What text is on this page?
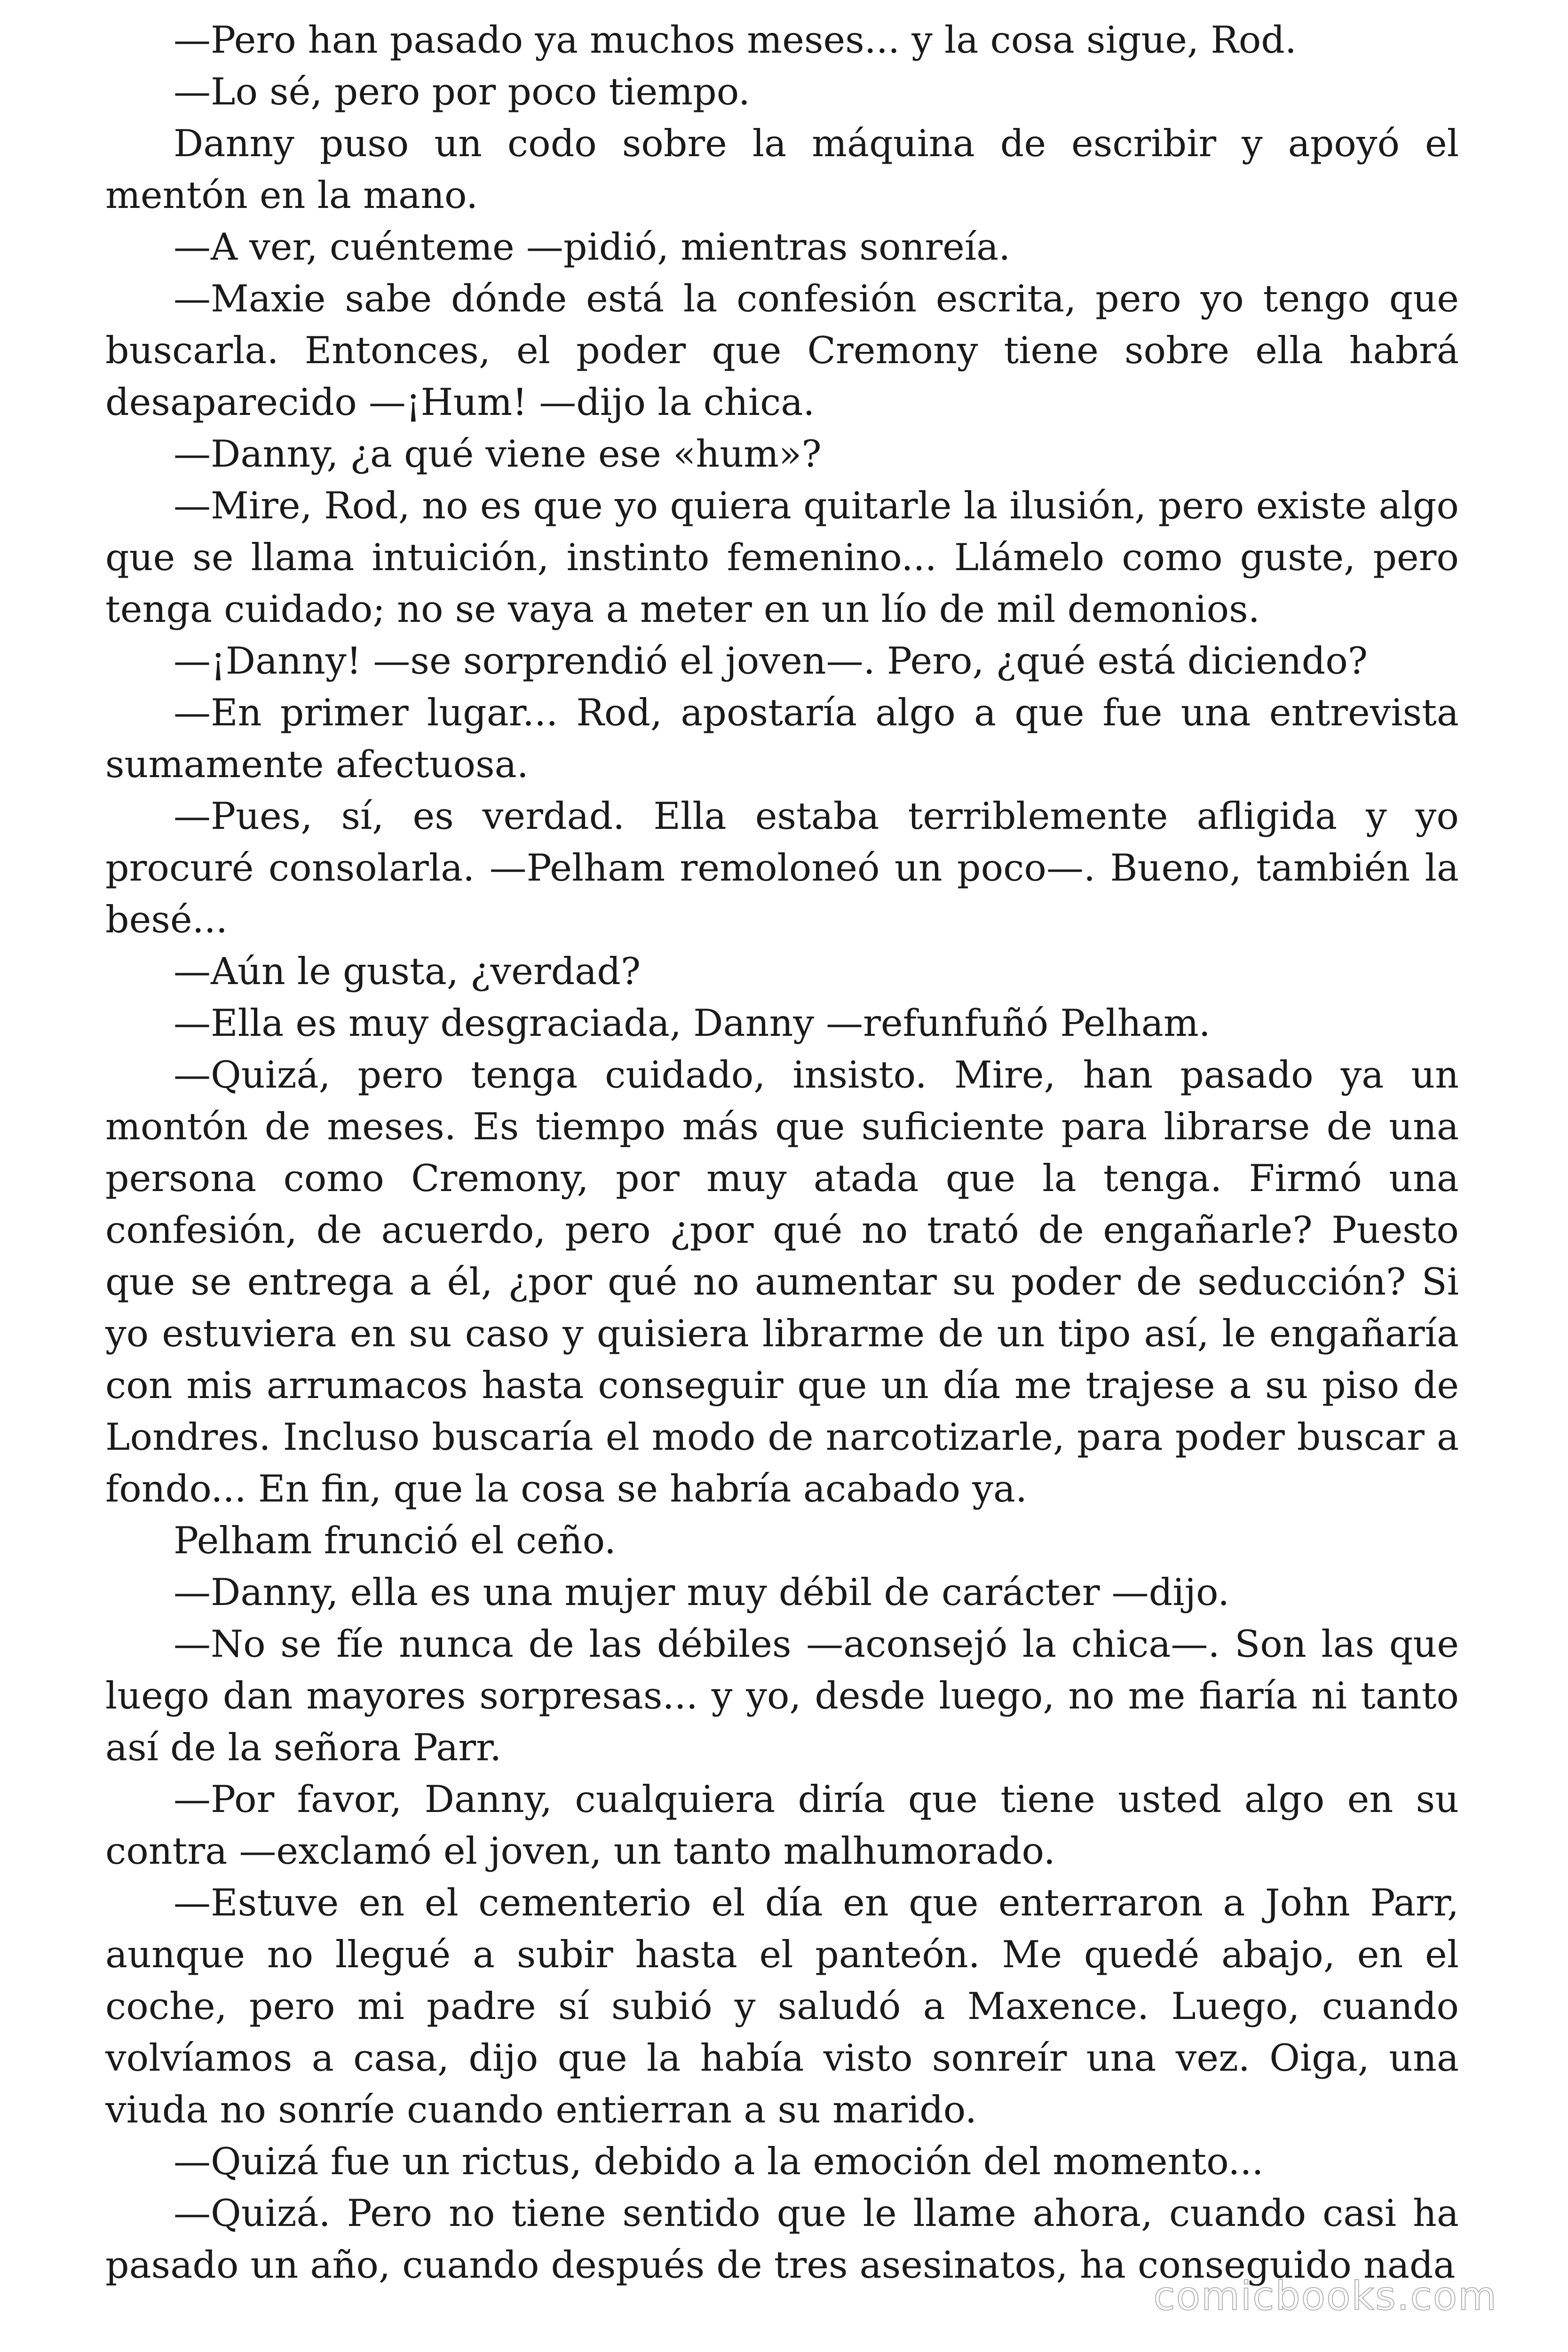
—Pero han pasado ya muchos meses... y la cosa sigue, Rod.

—Lo sé, pero por poco tiempo.

Danny puso un codo sobre la máquina de escribir y apoyó el mentón en la mano.

—A ver, cuénteme —pidió, mientras sonreía.

—Maxie sabe dónde está la confesión escrita, pero yo tengo que buscarla. Entonces, el poder que Cremony tiene sobre ella habrá desaparecido —¡Hum! —dijo la chica.

—Danny, ¿a qué viene ese «hum»?

—Mire, Rod, no es que yo quiera quitarle la ilusión, pero existe algo que se llama intuición, instinto femenino... Llámelo como guste, pero tenga cuidado; no se vaya a meter en un lío de mil demonios.

—¡Danny! —se sorprendió el joven—. Pero, ¿qué está diciendo?

—En primer lugar... Rod, apostaría algo a que fue una entrevista sumamente afectuosa.

—Pues, sí, es verdad. Ella estaba terriblemente afligida y yo procuré consolarla. —Pelham remoloneó un poco—. Bueno, también la besé...

—Aún le gusta, ¿verdad?

—Ella es muy desgraciada, Danny —refunfuñó Pelham.

—Quizá, pero tenga cuidado, insisto. Mire, han pasado ya un montón de meses. Es tiempo más que suficiente para librarse de una persona como Cremony, por muy atada que la tenga. Firmó una confesión, de acuerdo, pero ¿por qué no trató de engañarle? Puesto que se entrega a él, ¿por qué no aumentar su poder de seducción? Si yo estuviera en su caso y quisiera librarme de un tipo así, le engañaría con mis arrumacos hasta conseguir que un día me trajese a su piso de Londres. Incluso buscaría el modo de narcotizarle, para poder buscar a fondo... En fin, que la cosa se habría acabado ya.

Pelham frunció el ceño.

—Danny, ella es una mujer muy débil de carácter —dijo.

—No se fíe nunca de las débiles —aconsejó la chica—. Son las que luego dan mayores sorpresas... y yo, desde luego, no me fiaría ni tanto así de la señora Parr.

—Por favor, Danny, cualquiera diría que tiene usted algo en su contra —exclamó el joven, un tanto malhumorado.

—Estuve en el cementerio el día en que enterraron a John Parr, aunque no llegué a subir hasta el panteón. Me quedé abajo, en el coche, pero mi padre sí subió y saludó a Maxence. Luego, cuando volvíamos a casa, dijo que la había visto sonreír una vez. Oiga, una viuda no sonríe cuando entierran a su marido.

—Quizá fue un rictus, debido a la emoción del momento...

—Quizá. Pero no tiene sentido que le llame ahora, cuando casi ha pasado un año, cuando después de tres asesinatos, ha conseguido nada

comicbooks.com
